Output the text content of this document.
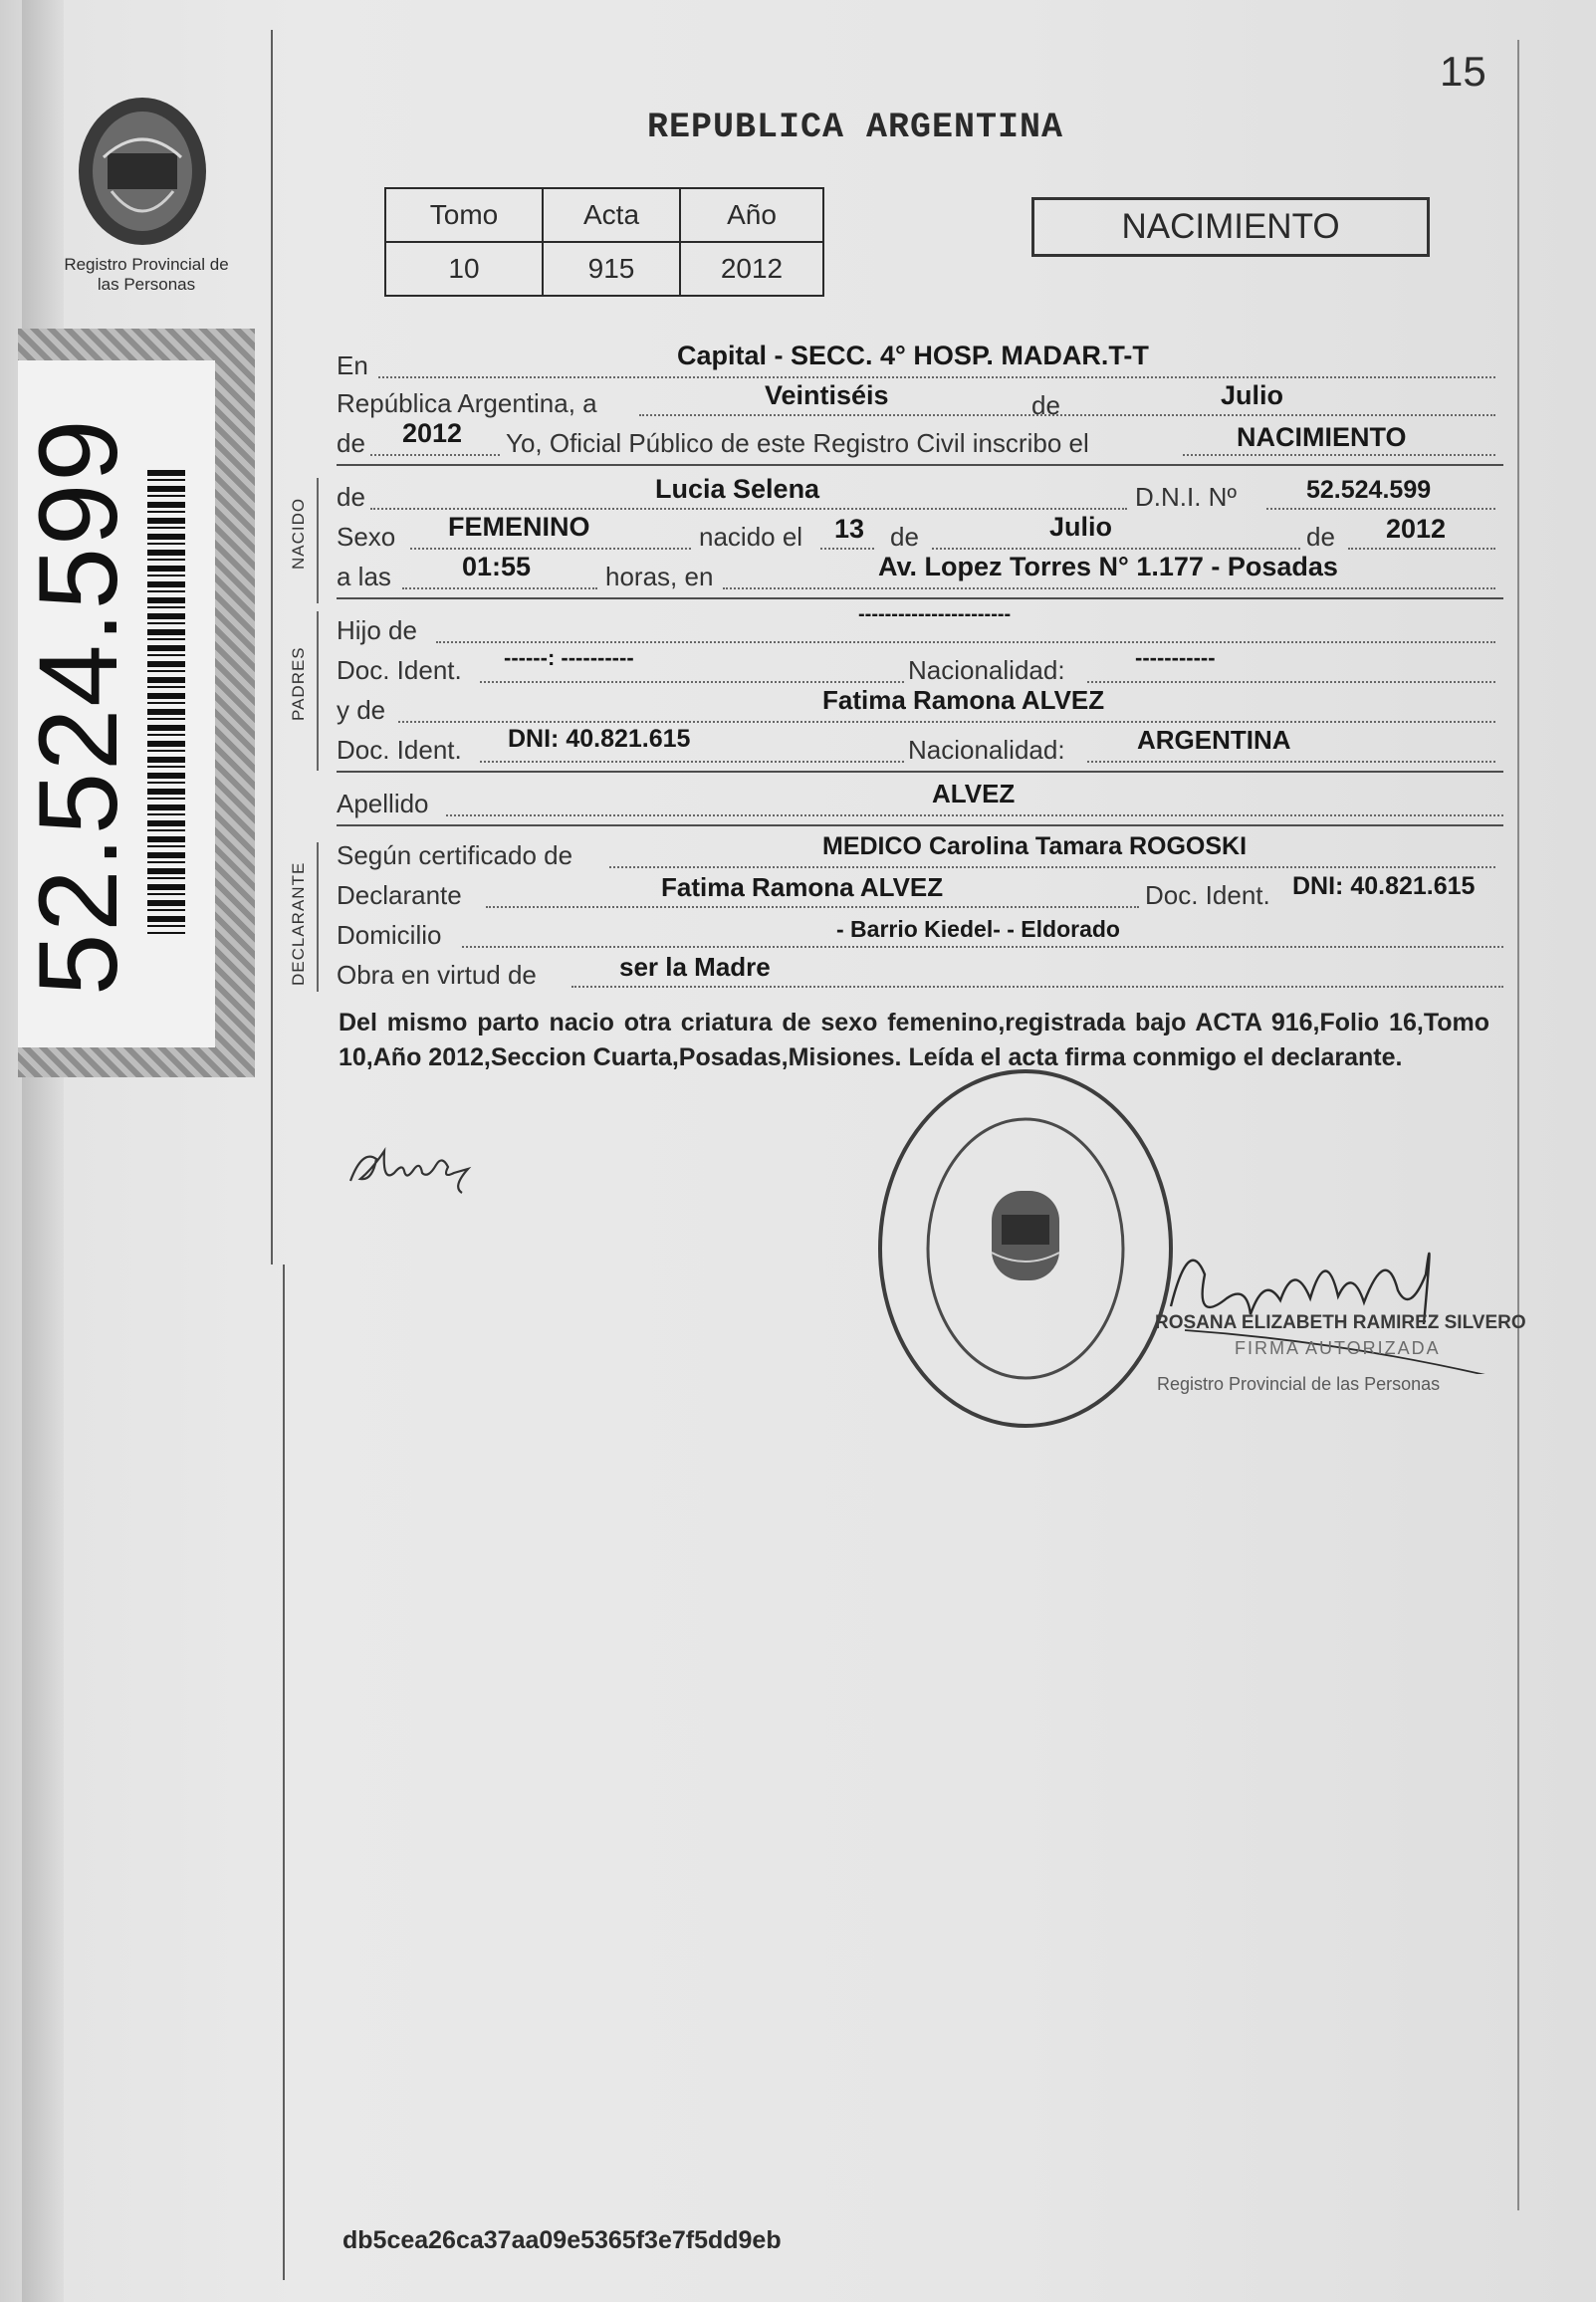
Registro Provincial de las Personas
52.524.599
15
REPUBLICA ARGENTINA
Tomo	Acta	Año
10	915	2012
NACIMIENTO
En	Capital - SECC. 4° HOSP. MADAR.T-T
República Argentina, a	Veintiséis	de	Julio
de 2012 Yo, Oficial Público de este Registro Civil inscribo el	NACIMIENTO
NACIDO
de	Lucia Selena	D.N.I. Nº	52.524.599
Sexo FEMENINO	nacido el 13 de	Julio	de 2012
a las	01:55	horas, en	Av. Lopez Torres N° 1.177 - Posadas
PADRES
Hijo de
-----------------------
Doc. Ident. ------: ----------	Nacionalidad:	-----------
y de	Fatima Ramona ALVEZ
Doc. Ident. DNI: 40.821.615	Nacionalidad:	ARGENTINA
Apellido	ALVEZ
DECLARANTE
Según certificado de	MEDICO Carolina Tamara ROGOSKI
Declarante	Fatima Ramona ALVEZ	Doc. Ident. DNI: 40.821.615
Domicilio	- Barrio Kiedel- - Eldorado
Obra en virtud de	ser la Madre
Del mismo parto nacio otra criatura de sexo femenino,registrada bajo ACTA 916,Folio 16,Tomo 10,Año 2012,Seccion Cuarta,Posadas,Misiones. Leída el acta firma conmigo el declarante.
ROSANA ELIZABETH RAMIREZ SILVERO
FIRMA AUTORIZADA
Registro Provincial de las Personas
db5cea26ca37aa09e5365f3e7f5dd9eb
